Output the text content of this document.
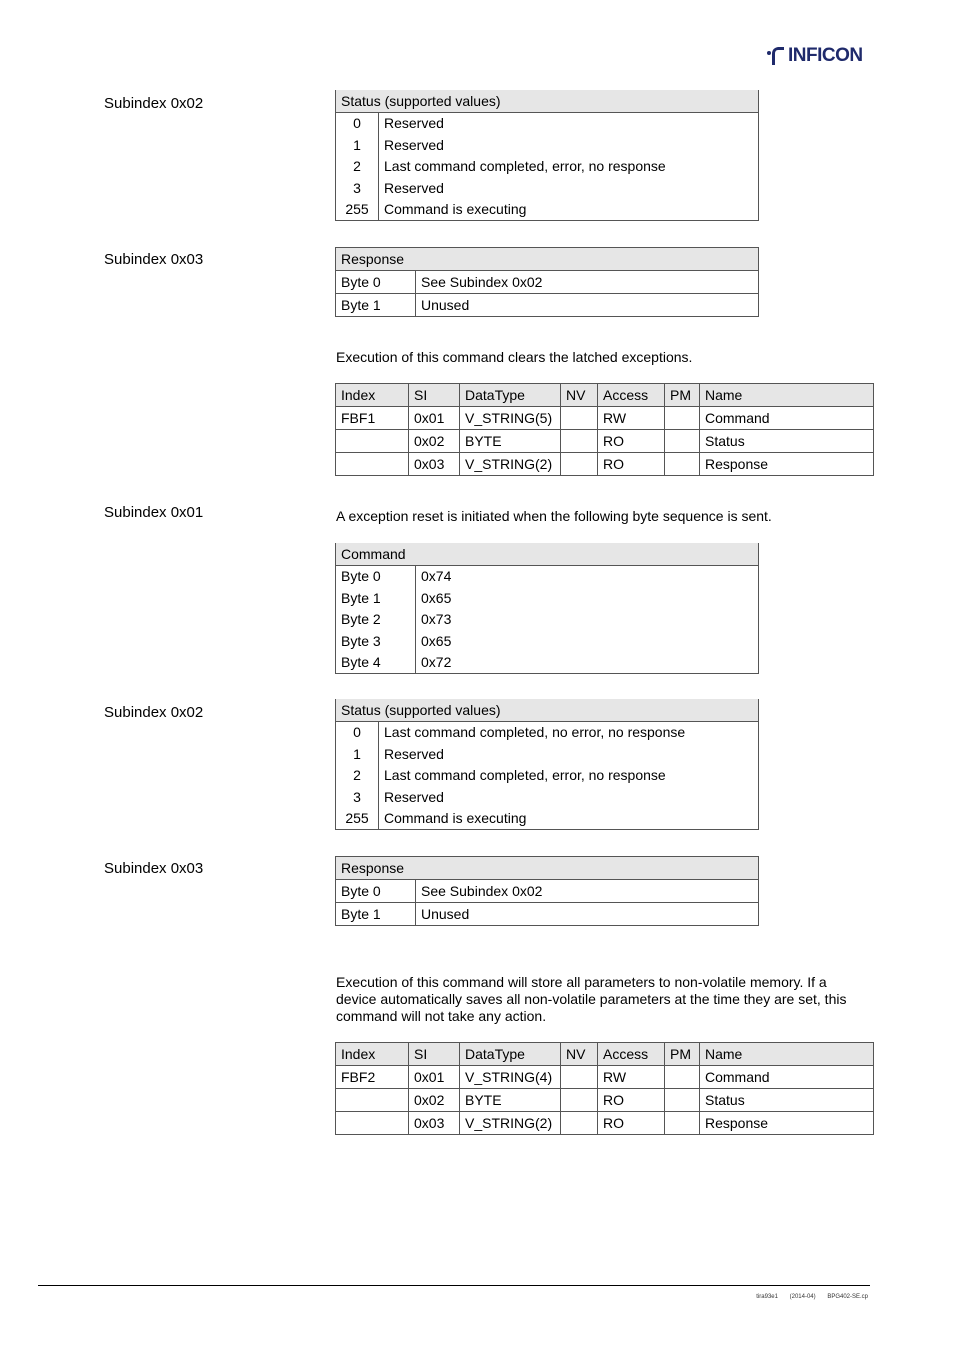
INFICON
Subindex 0x02	Status (supported values)	
0	Reserved
1	Reserved
2	Last command completed, error, no response
3	Reserved
255	Command is executing
Subindex 0x03	Response	
Byte 0	See Subindex 0x02
Byte 1	Unused
Execution of this command clears the latched exceptions.
Index	SI	DataType	NV	Access	PM	Name
FBF1	0x01	V_STRING(5)		RW		Command
	0x02	BYTE		RO		Status
	0x03	V_STRING(2)		RO		Response
Subindex 0x01	A exception reset is initiated when the following byte sequence is sent.
Command	
Byte 0	0x74
Byte 1	0x65
Byte 2	0x73
Byte 3	0x65
Byte 4	0x72
Subindex 0x02	Status (supported values)	
0	Last command completed, no error, no response
1	Reserved
2	Last command completed, error, no response
3	Reserved
255	Command is executing
Subindex 0x03	Response	
Byte 0	See Subindex 0x02
Byte 1	Unused
Execution of this command will store all parameters to non-volatile memory. If a device automatically saves all non-volatile parameters at the time they are set, this command will not take any action.
Index	SI	DataType	NV	Access	PM	Name
FBF2	0x01	V_STRING(4)		RW		Command
	0x02	BYTE		RO		Status
	0x03	V_STRING(2)		RO		Response
tira93e1 (2014-04) BPG402-SE.cp
